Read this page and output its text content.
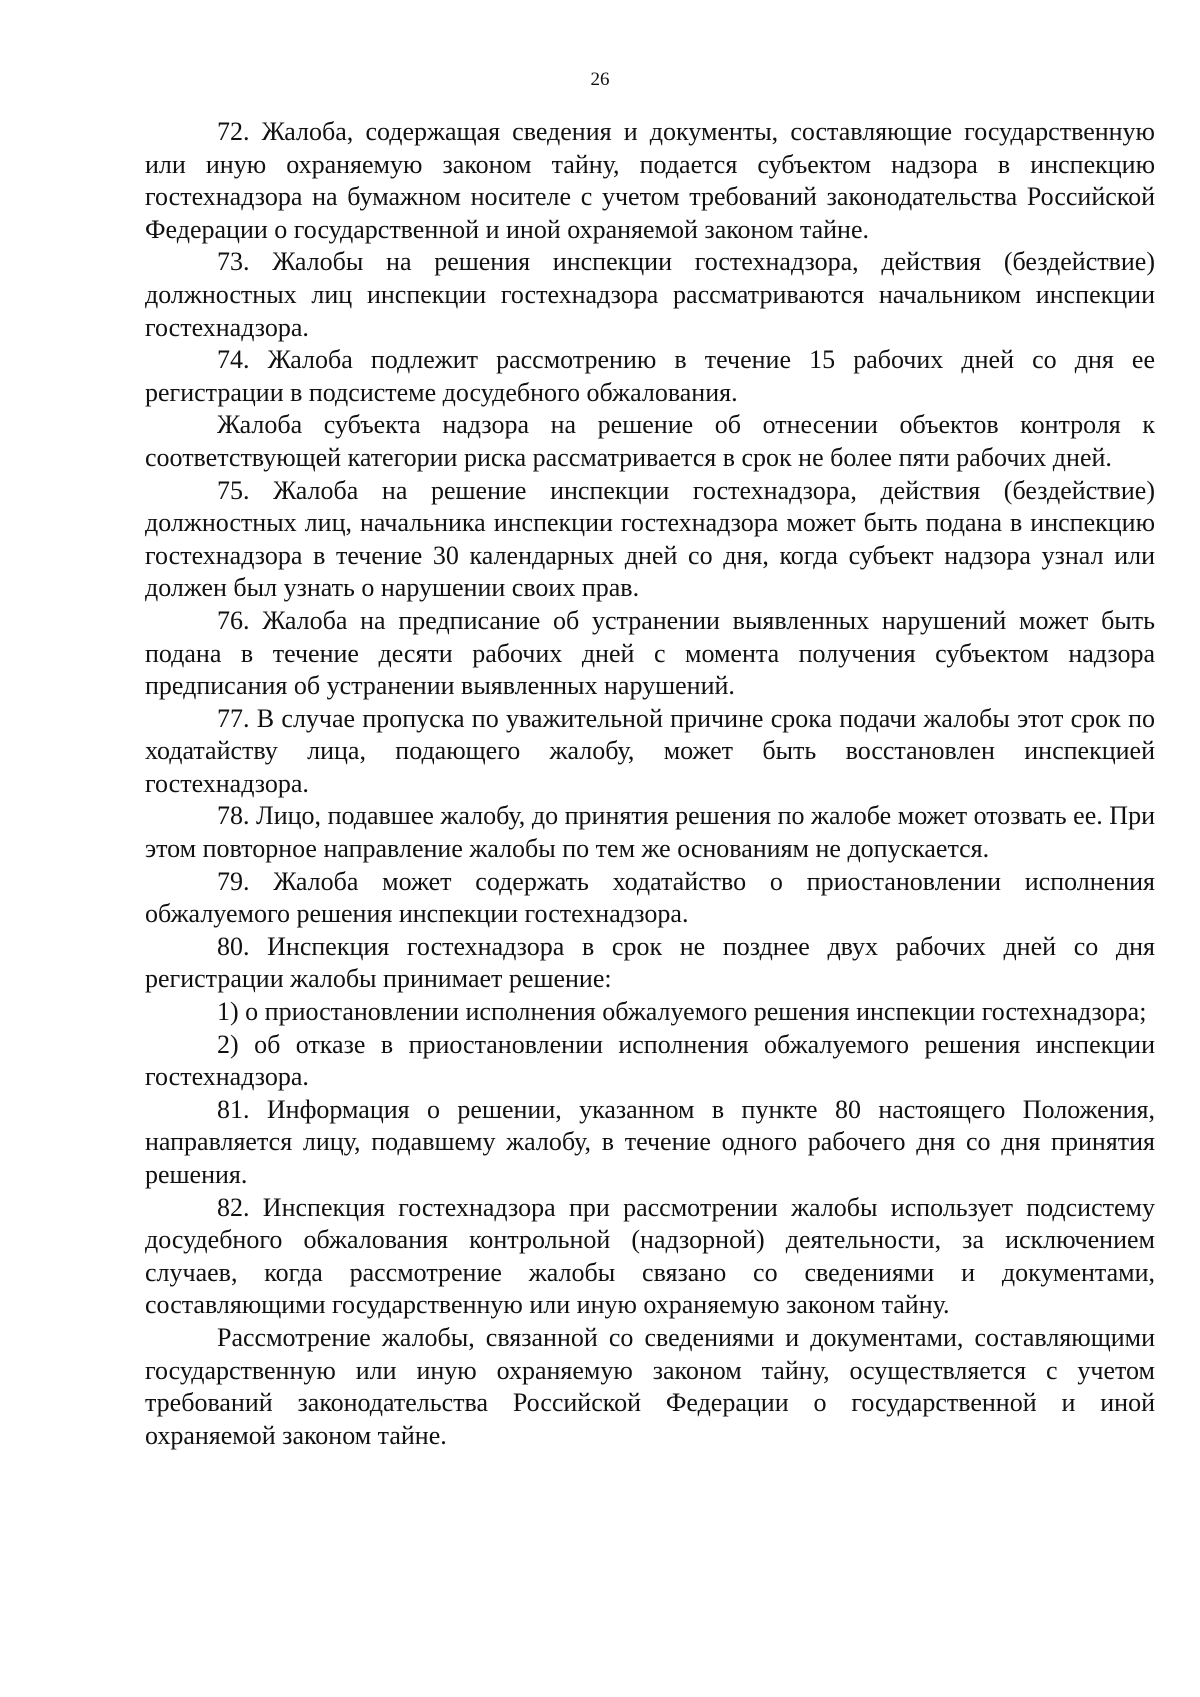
26

72. Жалоба, содержащая сведения и документы, составляющие государственную или иную охраняемую законом тайну, подается субъектом надзора в инспекцию гостехнадзора на бумажном носителе с учетом требований законодательства Российской Федерации о государственной и иной охраняемой законом тайне.

73. Жалобы на решения инспекции гостехнадзора, действия (бездействие) должностных лиц инспекции гостехнадзора рассматриваются начальником инспекции гостехнадзора.

74. Жалоба подлежит рассмотрению в течение 15 рабочих дней со дня ее регистрации в подсистеме досудебного обжалования.

Жалоба субъекта надзора на решение об отнесении объектов контроля к соответствующей категории риска рассматривается в срок не более пяти рабочих дней.

75. Жалоба на решение инспекции гостехнадзора, действия (бездействие) должностных лиц, начальника инспекции гостехнадзора может быть подана в инспекцию гостехнадзора в течение 30 календарных дней со дня, когда субъект надзора узнал или должен был узнать о нарушении своих прав.

76. Жалоба на предписание об устранении выявленных нарушений может быть подана в течение десяти рабочих дней с момента получения субъектом надзора предписания об устранении выявленных нарушений.

77. В случае пропуска по уважительной причине срока подачи жалобы этот срок по ходатайству лица, подающего жалобу, может быть восстановлен инспекцией гостехнадзора.

78. Лицо, подавшее жалобу, до принятия решения по жалобе может отозвать ее. При этом повторное направление жалобы по тем же основаниям не допускается.

79. Жалоба может содержать ходатайство о приостановлении исполнения обжалуемого решения инспекции гостехнадзора.

80. Инспекция гостехнадзора в срок не позднее двух рабочих дней со дня регистрации жалобы принимает решение:

1) о приостановлении исполнения обжалуемого решения инспекции гостехнадзора;

2) об отказе в приостановлении исполнения обжалуемого решения инспекции гостехнадзора.

81. Информация о решении, указанном в пункте 80 настоящего Положения, направляется лицу, подавшему жалобу, в течение одного рабочего дня со дня принятия решения.

82. Инспекция гостехнадзора при рассмотрении жалобы использует подсистему досудебного обжалования контрольной (надзорной) деятельности, за исключением случаев, когда рассмотрение жалобы связано со сведениями и документами, составляющими государственную или иную охраняемую законом тайну.

Рассмотрение жалобы, связанной со сведениями и документами, составляющими государственную или иную охраняемую законом тайну, осуществляется с учетом требований законодательства Российской Федерации о государственной и иной охраняемой законом тайне.
